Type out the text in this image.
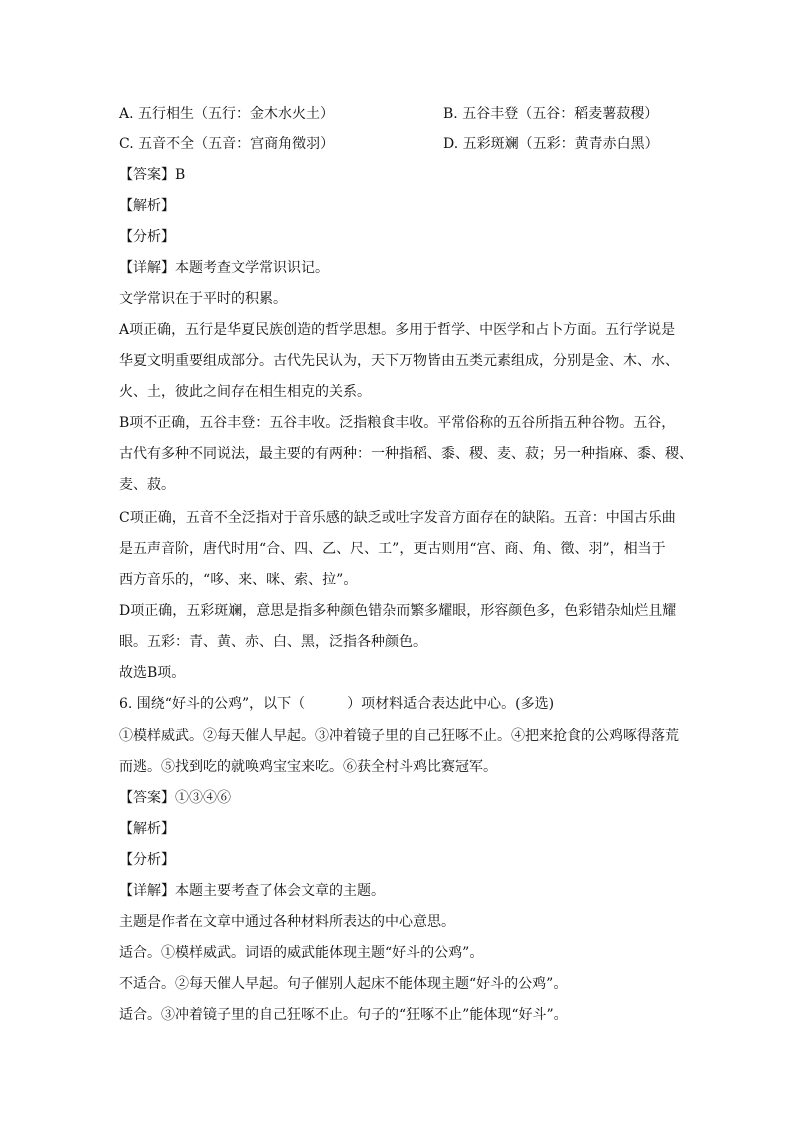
A. 五行相生（五行：金木水火土）	B. 五谷丰登（五谷：稻麦薯菽稷）
C. 五音不全（五音：宫商角徵羽）	D. 五彩斑斓（五彩：黄青赤白黑）
【答案】B
【解析】
【分析】
【详解】本题考查文学常识识记。
文学常识在于平时的积累。
A项正确，五行是华夏民族创造的哲学思想。多用于哲学、中医学和占卜方面。五行学说是
华夏文明重要组成部分。古代先民认为，天下万物皆由五类元素组成，分别是金、木、水、
火、土，彼此之间存在相生相克的关系。
B项不正确，五谷丰登：五谷丰收。泛指粮食丰收。平常俗称的五谷所指五种谷物。五谷，
古代有多种不同说法，最主要的有两种：一种指稻、黍、稷、麦、菽；另一种指麻、黍、稷、
麦、菽。
C项正确，五音不全泛指对于音乐感的缺乏或吐字发音方面存在的缺陷。五音：中国古乐曲
是五声音阶，唐代时用“合、四、乙、尺、工”，更古则用“宫、商、角、徵、羽”，相当于
西方音乐的，“哆、来、咪、索、拉”。
D项正确，五彩斑斓，意思是指多种颜色错杂而繁多耀眼，形容颜色多，色彩错杂灿烂且耀
眼。五彩：青、黄、赤、白、黑，泛指各种颜色。
故选B项。
6. 围绕“好斗的公鸡”，以下（　　　）项材料适合表达此中心。(多选)
①模样威武。②每天催人早起。③冲着镜子里的自己狂啄不止。④把来抢食的公鸡啄得落荒
而逃。⑤找到吃的就唤鸡宝宝来吃。⑥获全村斗鸡比赛冠军。
【答案】①③④⑥
【解析】
【分析】
【详解】本题主要考查了体会文章的主题。
主题是作者在文章中通过各种材料所表达的中心意思。
适合。①模样威武。词语的威武能体现主题“好斗的公鸡”。
不适合。②每天催人早起。句子催别人起床不能体现主题“好斗的公鸡”。
适合。③冲着镜子里的自己狂啄不止。句子的“狂啄不止”能体现“好斗”。
